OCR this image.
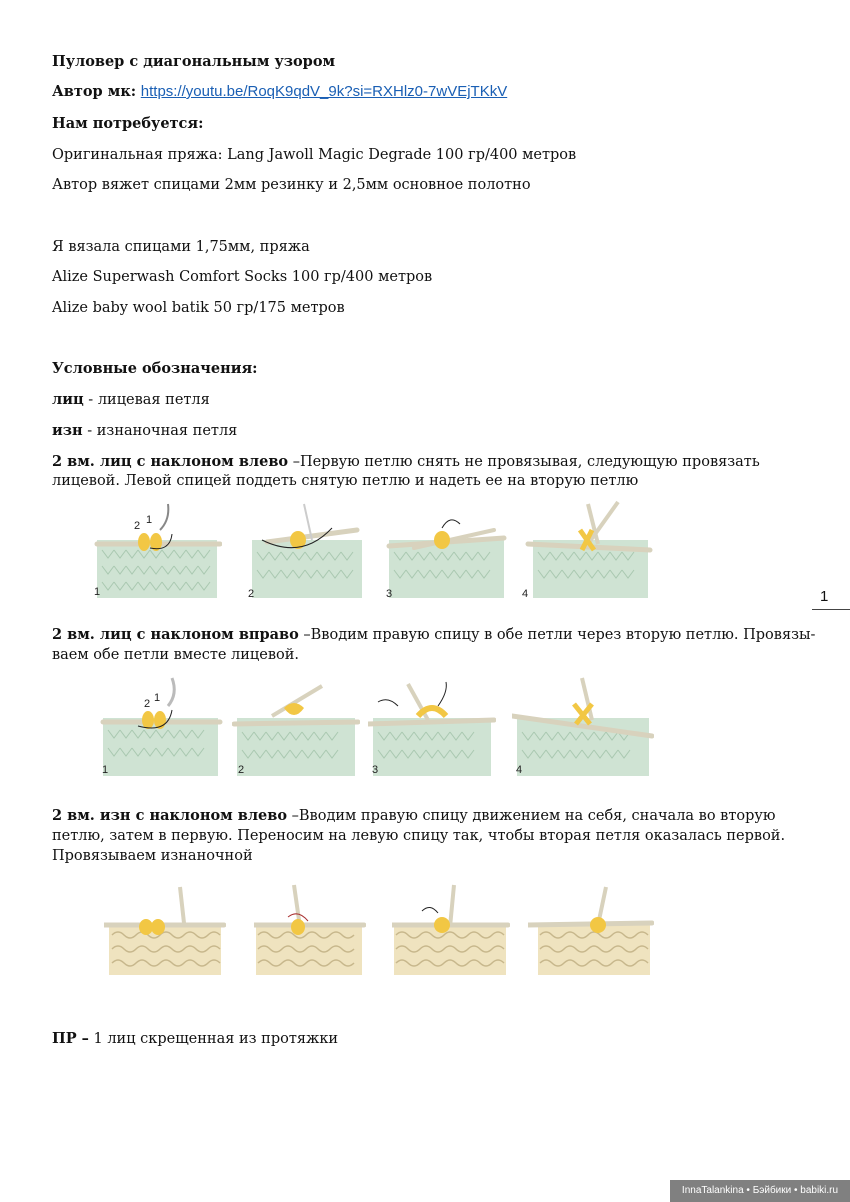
Пуловер с диагональным узором
Автор мк: https://youtu.be/RoqK9qdV_9k?si=RXHlz0-7wVEjTKkV
Нам потребуется:
Оригинальная пряжа: Lang Jawoll Magic Degrade 100 гр/400 метров
Автор вяжет спицами 2мм резинку и 2,5мм основное полотно
Я вязала спицами 1,75мм, пряжа
Alize Superwash Comfort Socks 100 гр/400 метров
Alize baby wool batik 50 гр/175 метров
Условные обозначения:
лиц - лицевая петля
изн - изнаночная петля
2 вм. лиц с наклоном влево –Первую петлю снять не провязывая, следующую провязать
лицевой. Левой спицей поддеть снятую петлю и надеть ее на вторую петлю
2 1
1	2	3	4
2 вм. лиц с наклоном вправо –Вводим правую спицу в обе петли через вторую петлю. Провязы-
ваем обе петли вместе лицевой.
2 1
1	2	3	4
2 вм. изн с наклоном влево –Вводим правую спицу движением на себя, сначала во вторую
петлю, затем в первую. Переносим на левую спицу так, чтобы вторая петля оказалась первой.
Провязываем изнаночной
ПР – 1 лиц скрещенная из протяжки
1
InnaTalankina • Бэйбики • babiki.ru
